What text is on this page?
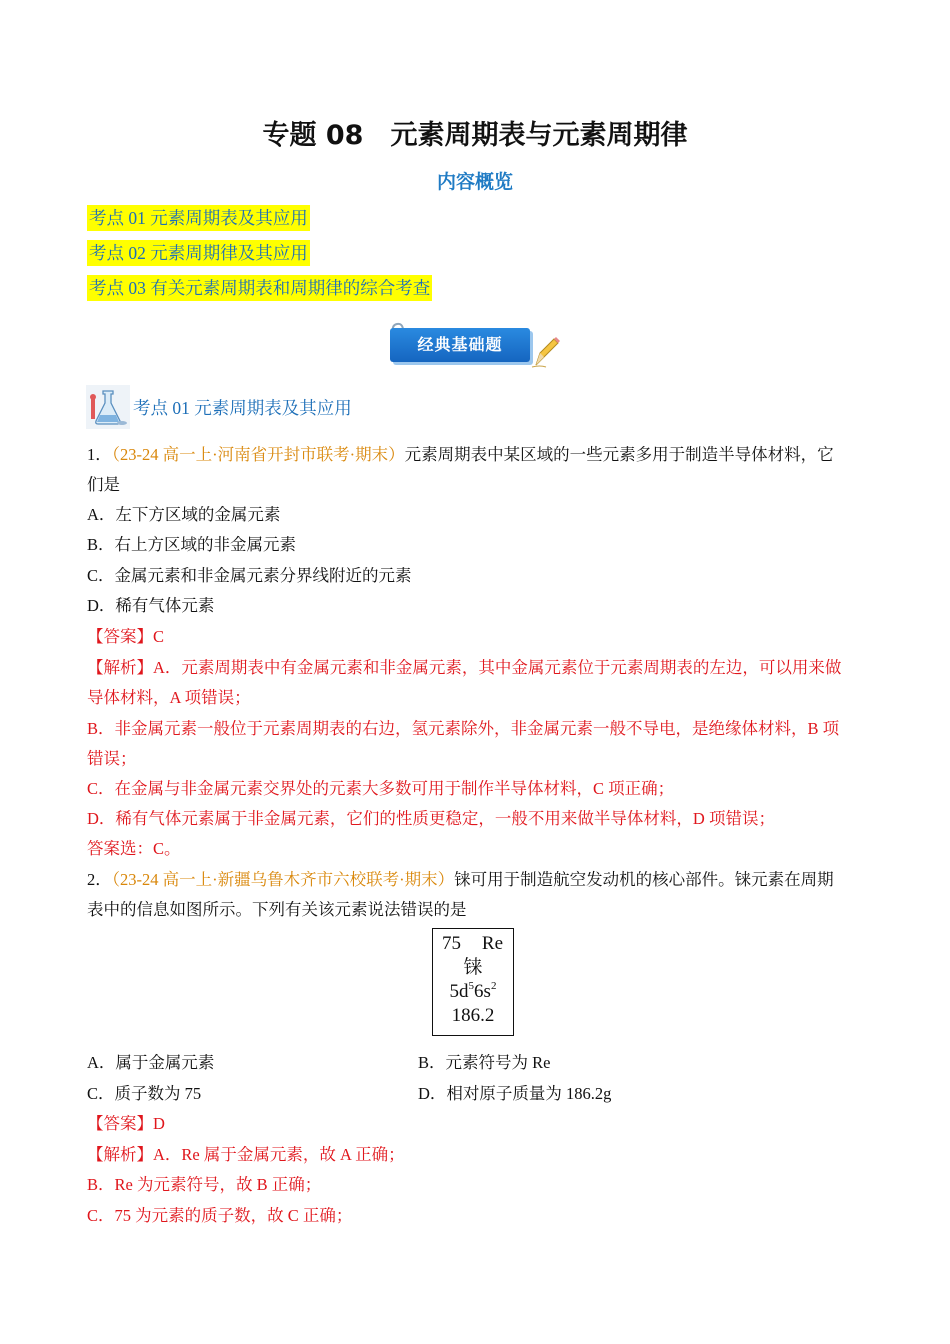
专题 08　元素周期表与元素周期律
内容概览
考点 01 元素周期表及其应用
考点 02 元素周期律及其应用
考点 03 有关元素周期表和周期律的综合考查
经典基础题
考点 01 元素周期表及其应用
1．（23-24 高一上·河南省开封市联考·期末）元素周期表中某区域的一些元素多用于制造半导体材料，它
们是
A．左下方区域的金属元素
B．右上方区域的非金属元素
C．金属元素和非金属元素分界线附近的元素
D．稀有气体元素
【答案】C
【解析】A．元素周期表中有金属元素和非金属元素，其中金属元素位于元素周期表的左边，可以用来做
导体材料，A 项错误；
B．非金属元素一般位于元素周期表的右边，氢元素除外，非金属元素一般不导电，是绝缘体材料，B 项
错误；
C．在金属与非金属元素交界处的元素大多数可用于制作半导体材料，C 项正确；
D．稀有气体元素属于非金属元素，它们的性质更稳定，一般不用来做半导体材料，D 项错误；
答案选：C。
2．（23-24 高一上·新疆乌鲁木齐市六校联考·期末）铼可用于制造航空发动机的核心部件。铼元素在周期
表中的信息如图所示。下列有关该元素说法错误的是
75 Re
铼
$5d^56s^2$
186.2
A．属于金属元素	B．元素符号为 Re
C．质子数为 75	D．相对原子质量为 186.2g
【答案】D
【解析】A．Re 属于金属元素，故 A 正确；
B．Re 为元素符号，故 B 正确；
C．75 为元素的质子数，故 C 正确；
